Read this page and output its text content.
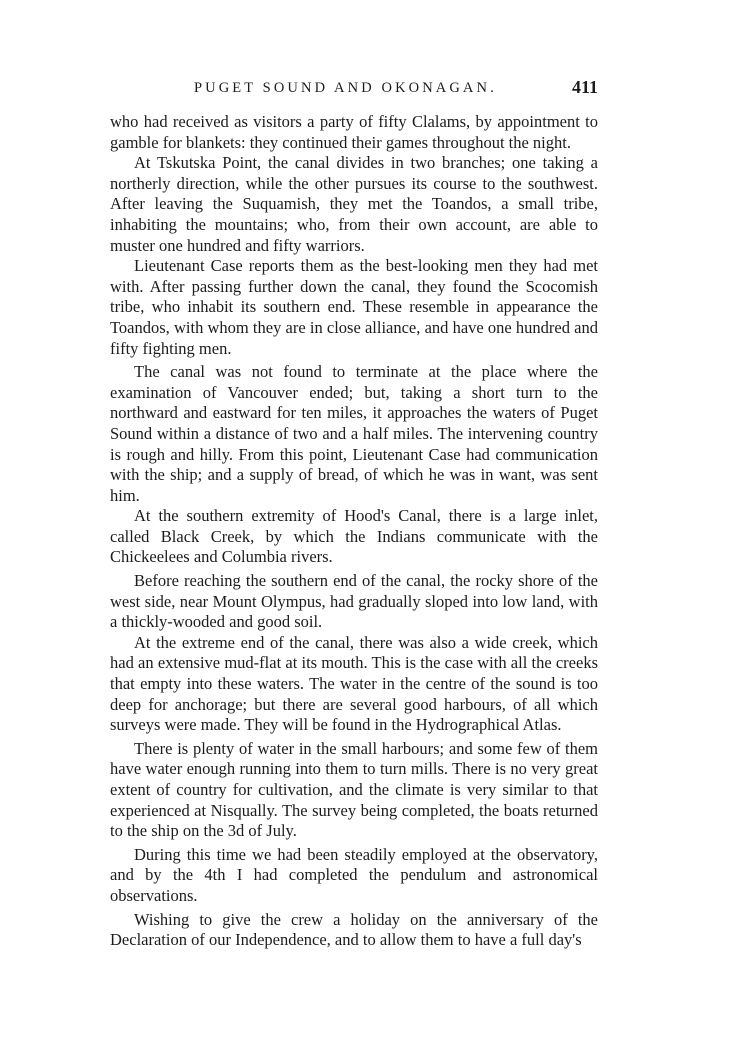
PUGET SOUND AND OKONAGAN.	411

who had received as visitors a party of fifty Clalams, by appointment to gamble for blankets: they continued their games throughout the night.

At Tskutska Point, the canal divides in two branches; one taking a northerly direction, while the other pursues its course to the southwest. After leaving the Suquamish, they met the Toandos, a small tribe, inhabiting the mountains; who, from their own account, are able to muster one hundred and fifty warriors.

Lieutenant Case reports them as the best-looking men they had met with. After passing further down the canal, they found the Scocomish tribe, who inhabit its southern end. These resemble in appearance the Toandos, with whom they are in close alliance, and have one hundred and fifty fighting men.

The canal was not found to terminate at the place where the examination of Vancouver ended; but, taking a short turn to the northward and eastward for ten miles, it approaches the waters of Puget Sound within a distance of two and a half miles. The intervening country is rough and hilly. From this point, Lieutenant Case had communication with the ship; and a supply of bread, of which he was in want, was sent him.

At the southern extremity of Hood's Canal, there is a large inlet, called Black Creek, by which the Indians communicate with the Chickeelees and Columbia rivers.

Before reaching the southern end of the canal, the rocky shore of the west side, near Mount Olympus, had gradually sloped into low land, with a thickly-wooded and good soil.

At the extreme end of the canal, there was also a wide creek, which had an extensive mud-flat at its mouth. This is the case with all the creeks that empty into these waters. The water in the centre of the sound is too deep for anchorage; but there are several good harbours, of all which surveys were made. They will be found in the Hydrographical Atlas.

There is plenty of water in the small harbours; and some few of them have water enough running into them to turn mills. There is no very great extent of country for cultivation, and the climate is very similar to that experienced at Nisqually. The survey being completed, the boats returned to the ship on the 3d of July.

During this time we had been steadily employed at the observatory, and by the 4th I had completed the pendulum and astronomical observations.

Wishing to give the crew a holiday on the anniversary of the Declaration of our Independence, and to allow them to have a full day's
